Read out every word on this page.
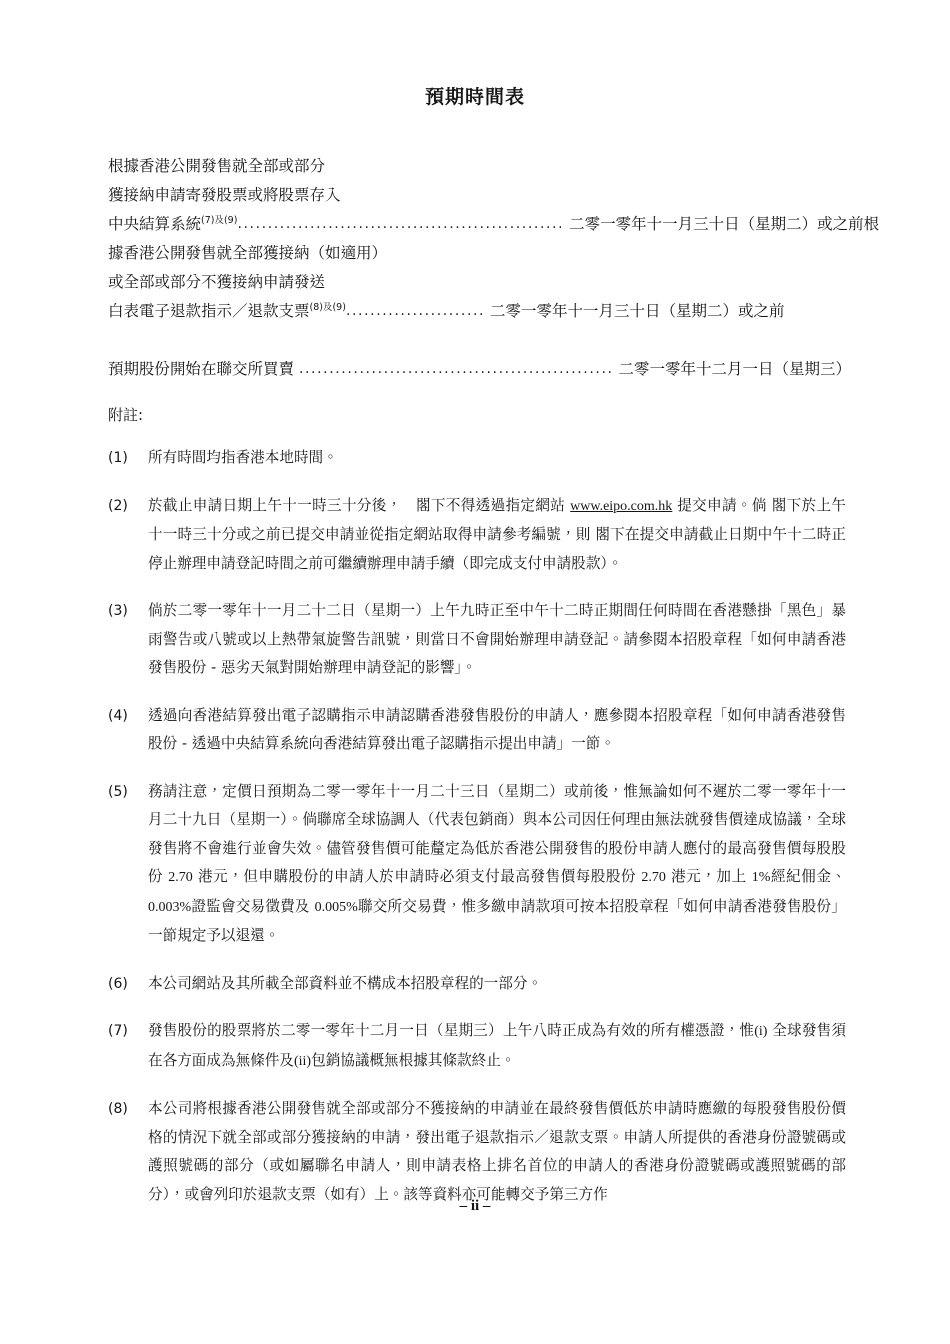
預期時間表
根據香港公開發售就全部或部分
獲接納申請寄發股票或將股票存入
中央結算系統$^{(7)及(9)}$...................................................... 二零一零年十一月三十日（星期二）或之前根
據香港公開發售就全部獲接納（如適用）
或全部或部分不獲接納申請發送
白表電子退款指示／退款支票$^{(8)及(9)}$....................... 二零一零年十一月三十日（星期二）或之前
預期股份開始在聯交所買賣 .................................................... 二零一零年十二月一日（星期三）
附註:
(1)	所有時間均指香港本地時間。
(2)	於截止申請日期上午十一時三十分後， 閣下不得透過指定網站 www.eipo.com.hk 提交申請。倘 閣下於上午十一時三十分或之前已提交申請並從指定網站取得申請參考編號，則 閣下在提交申請截止日期中午十二時正停止辦理申請登記時間之前可繼續辦理申請手續（即完成支付申請股款）。
(3)	倘於二零一零年十一月二十二日（星期一）上午九時正至中午十二時正期間任何時間在香港懸掛「黑色」暴雨警告或八號或以上熱帶氣旋警告訊號，則當日不會開始辦理申請登記。請參閱本招股章程「如何申請香港發售股份 - 惡劣天氣對開始辦理申請登記的影響」。
(4)	透過向香港結算發出電子認購指示申請認購香港發售股份的申請人，應參閱本招股章程「如何申請香港發售股份 - 透過中央結算系統向香港結算發出電子認購指示提出申請」一節。
(5)	務請注意，定價日預期為二零一零年十一月二十三日（星期二）或前後，惟無論如何不遲於二零一零年十一月二十九日（星期一）。倘聯席全球協調人（代表包銷商）與本公司因任何理由無法就發售價達成協議，全球發售將不會進行並會失效。儘管發售價可能釐定為低於香港公開發售的股份申請人應付的最高發售價每股股份 2.70 港元，但申購股份的申請人於申請時必須支付最高發售價每股股份 2.70 港元，加上 1%經紀佣金、0.003%證監會交易徵費及 0.005%聯交所交易費，惟多繳申請款項可按本招股章程「如何申請香港發售股份」一節規定予以退還。
(6)	本公司網站及其所載全部資料並不構成本招股章程的一部分。
(7)	發售股份的股票將於二零一零年十二月一日（星期三）上午八時正成為有效的所有權憑證，惟(i) 全球發售須在各方面成為無條件及(ii)包銷協議概無根據其條款終止。
(8)	本公司將根據香港公開發售就全部或部分不獲接納的申請並在最終發售價低於申請時應繳的每股發售股份價格的情況下就全部或部分獲接納的申請，發出電子退款指示／退款支票。申請人所提供的香港身份證號碼或護照號碼的部分（或如屬聯名申請人，則申請表格上排名首位的申請人的香港身份證號碼或護照號碼的部分），或會列印於退款支票（如有）上。該等資料亦可能轉交予第三方作
– ii –
